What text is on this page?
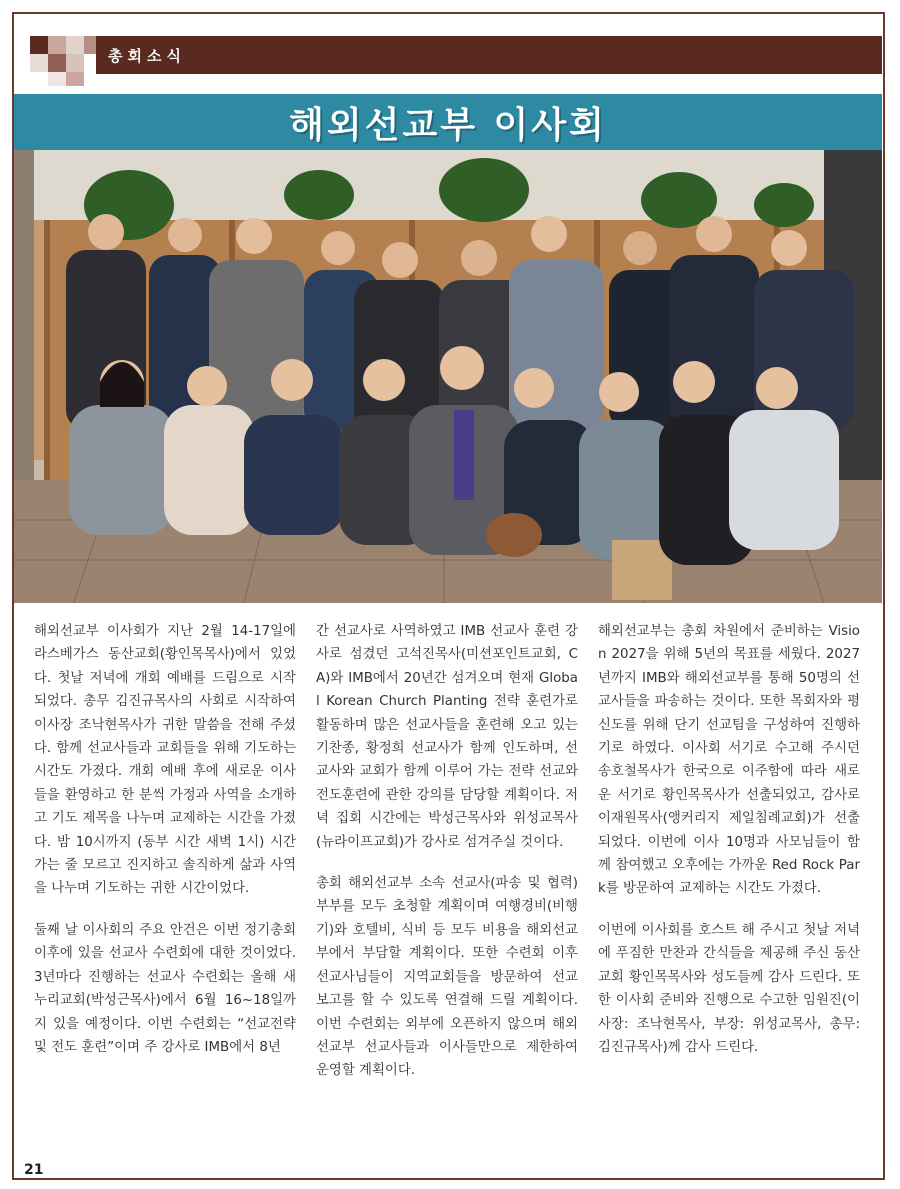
총회소식
해외선교부 이사회

해외선교부 이사회가 지난 2월 14-17일에 라스베가스 동산교회(황인목목사)에서 있었다. 첫날 저녁에 개회 예배를 드림으로 시작되었다. 총무 김진규목사의 사회로 시작하여 이사장 조낙현목사가 귀한 말씀을 전해 주셨다. 함께 선교사들과 교회들을 위해 기도하는 시간도 가졌다. 개회 예배 후에 새로운 이사들을 환영하고 한 분씩 가정과 사역을 소개하고 기도 제목을 나누며 교제하는 시간을 가졌다. 밤 10시까지 (동부 시간 새벽 1시) 시간 가는 줄 모르고 진지하고 솔직하게 삶과 사역을 나누며 기도하는 귀한 시간이었다.

둘째 날 이사회의 주요 안건은 이번 정기총회 이후에 있을 선교사 수련회에 대한 것이었다. 3년마다 진행하는 선교사 수련회는 올해 새누리교회(박성근목사)에서 6월 16~18일까지 있을 예정이다. 이번 수련회는 “선교전략 및 전도 훈련”이며 주 강사로 IMB에서 8년

간 선교사로 사역하였고 IMB 선교사 훈련 강사로 섬겼던 고석진목사(미션포인트교회, CA)와 IMB에서 20년간 섬겨오며 현재 Global Korean Church Planting 전략 훈련가로 활동하며 많은 선교사들을 훈련해 오고 있는 기찬종, 황정희 선교사가 함께 인도하며, 선교사와 교회가 함께 이루어 가는 전략 선교와 전도훈련에 관한 강의를 담당할 계획이다. 저녁 집회 시간에는 박성근목사와 위성교목사(뉴라이프교회)가 강사로 섬겨주실 것이다.

총회 해외선교부 소속 선교사(파송 및 협력) 부부를 모두 초청할 계획이며 여행경비(비행기)와 호텔비, 식비 등 모두 비용을 해외선교부에서 부담할 계획이다. 또한 수련회 이후 선교사님들이 지역교회들을 방문하여 선교 보고를 할 수 있도록 연결해 드릴 계획이다. 이번 수련회는 외부에 오픈하지 않으며 해외선교부 선교사들과 이사들만으로 제한하여 운영할 계획이다.

해외선교부는 총회 차원에서 준비하는 Vision 2027을 위해 5년의 목표를 세웠다. 2027년까지 IMB와 해외선교부를 통해 50명의 선교사들을 파송하는 것이다. 또한 목회자와 평신도를 위해 단기 선교팀을 구성하여 진행하기로 하였다. 이사회 서기로 수고해 주시던 송호철목사가 한국으로 이주함에 따라 새로운 서기로 황인목목사가 선출되었고, 감사로 이재원목사(앵커리지 제일침례교회)가 선출되었다. 이번에 이사 10명과 사모님들이 함께 참여했고 오후에는 가까운 Red Rock Park를 방문하여 교제하는 시간도 가졌다.

이번에 이사회를 호스트 해 주시고 첫날 저녁에 푸짐한 만찬과 간식들을 제공해 주신 동산교회 황인목목사와 성도들께 감사 드린다. 또한 이사회 준비와 진행으로 수고한 임원진(이사장: 조낙현목사, 부장: 위성교목사, 총무: 김진규목사)께 감사 드린다.

21
